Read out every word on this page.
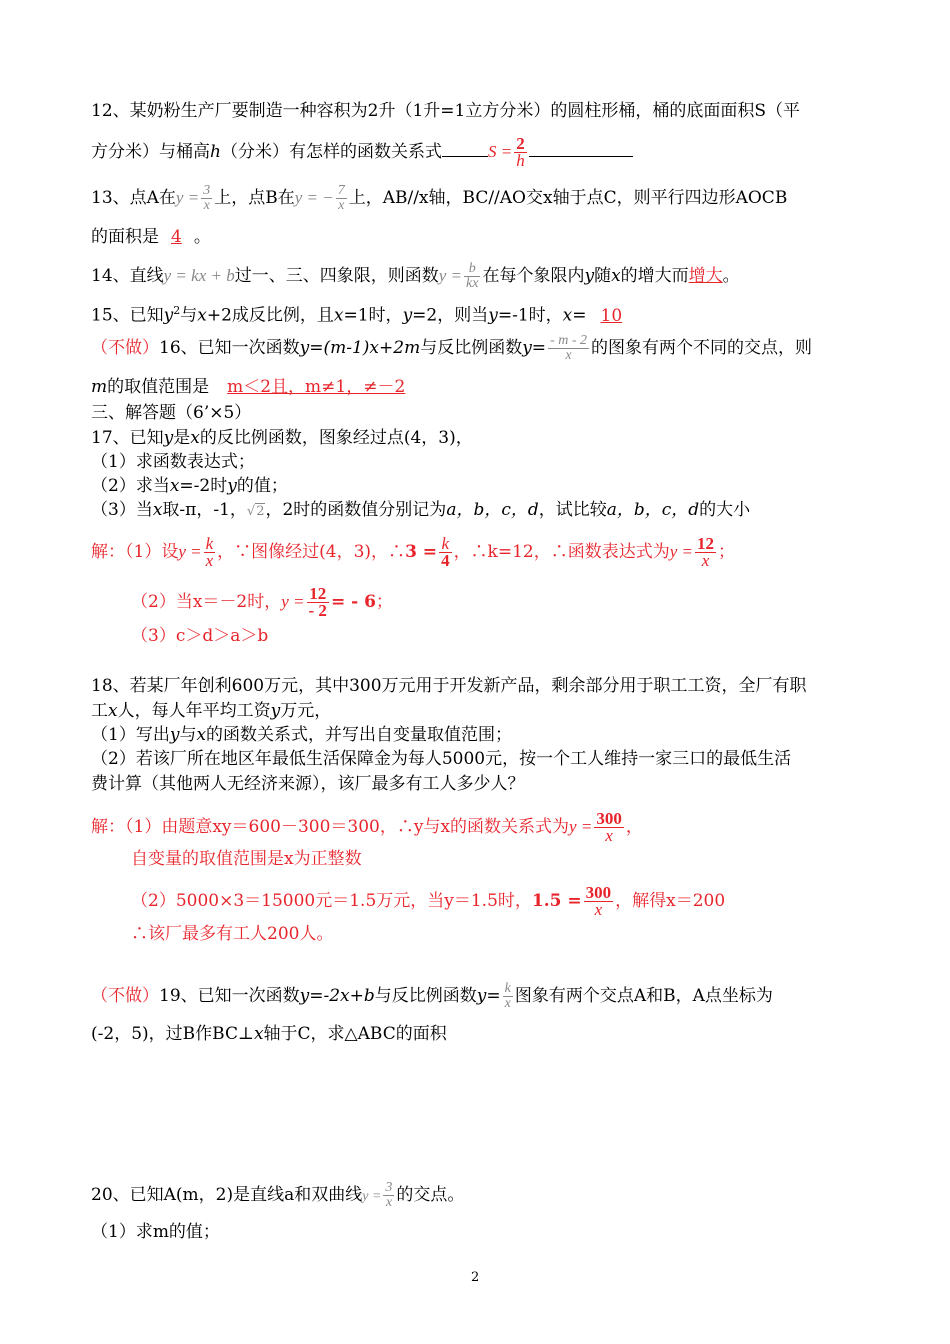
12、某奶粉生产厂要制造一种容积为2升（1升=1立方分米）的圆柱形桶，桶的底面面积S（平
方分米）与桶高h（分米）有怎样的函数关系式	$S = \frac{2}{h}$
13、点A在$y = \frac{3}{x}$ 上，点B在y = − $\frac{7}{x}$ 上，AB//x轴，BC//AO交x轴于点C，则平行四边形AOCB
的面积是 4 。
14、直线y = kx + b过一、三、四象限，则函数$y = \frac{b}{kx}$ 在每个象限内y随x的增大而增大。
15、已知$y^2$与x+2成反比例，且x=1时，y=2，则当y=-1时，x= 10
（不做）16、已知一次函数y=(m-1)x+2m与反比例函数$y= \frac{- m - 2}{x}$ 的图象有两个不同的交点，则
m的取值范围是 m＜2且，m≠1，≠－2
三、解答题（6’×5）
17、已知y是x的反比例函数，图象经过点(4，3)，
（1）求函数表达式；
（2）求当x=-2时y的值；
（3）当x取-π，-1，√2，2时的函数值分别记为a，b，c，d，试比较a，b，c，d的大小
解：（1）设$y = \frac{k}{x}$ ，∵图像经过(4，3)，∴3 = $\frac{k}{4}$ ，∴k=12，∴函数表达式为$y = \frac{12}{x}$ ；
（2）当x＝－2时，$y = \frac{12}{- 2}$ = - 6；
（3）c＞d＞a＞b
18、若某厂年创利600万元，其中300万元用于开发新产品，剩余部分用于职工工资，全厂有职
工x人，每人年平均工资y万元，
（1）写出y与x的函数关系式，并写出自变量取值范围；
（2）若该厂所在地区年最低生活保障金为每人5000元，按一个工人维持一家三口的最低生活
费计算（其他两人无经济来源），该厂最多有工人多少人？
解：（1）由题意xy＝600－300＝300，∴y与x的函数关系式为$y = \frac{300}{x}$ ，
自变量的取值范围是x为正整数
（2）5000×3＝15000元＝1.5万元，当y＝1.5时，$1.5 = \frac{300}{x}$ ，解得x＝200
∴该厂最多有工人200人。
（不做）19、已知一次函数y=-2x+b与反比例函数$y= \frac{k}{x}$ 图象有两个交点A和B，A点坐标为
(-2，5)，过B作BC⊥x轴于C，求△ABC的面积
20、已知A(m，2)是直线a和双曲线$y = \frac{3}{x}$ 的交点。
（1）求m的值；
2
